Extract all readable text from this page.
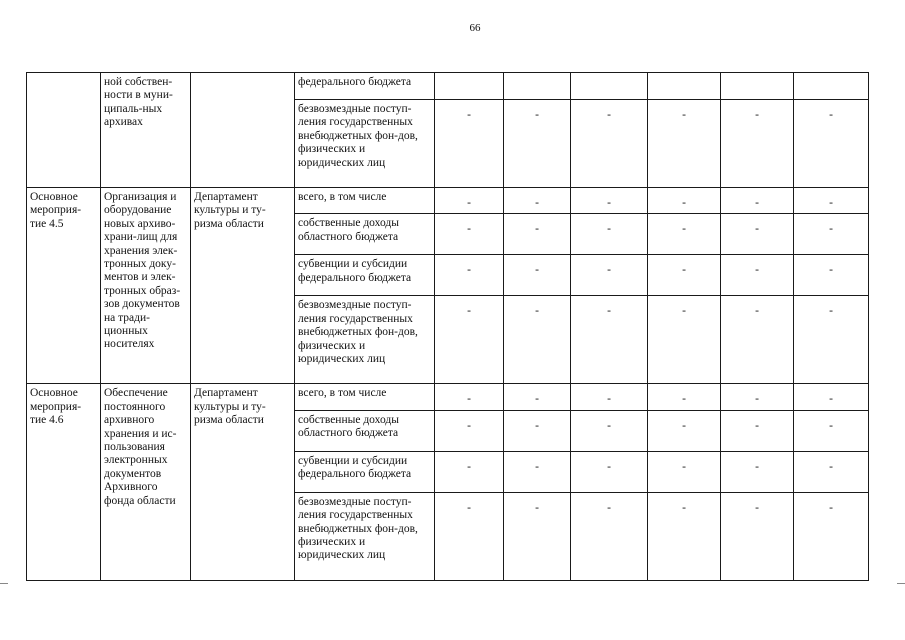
66
	ной собствен-ности в муни-ципаль-ных архивах		федерального бюджета						
			безвозмездные поступ-ления государственных внебюджетных фон-дов, физических и юридических лиц	-	-	-	-	-	-
Основное мероприя-тие 4.5	Организация и оборудование новых архиво-храни-лищ для хранения элек-тронных доку-ментов и элек-тронных образ-зов документов на тради-ционных носителях	Департамент культуры и ту-ризма области	всего, в том числе	-	-	-	-	-	-
			собственные доходы областного бюджета	-	-	-	-	-	-
			субвенции и субсидии федерального бюджета	-	-	-	-	-	-
			безвозмездные поступ-ления государственных внебюджетных фон-дов, физических и юридических лиц	-	-	-	-	-	-
Основное мероприя-тие 4.6	Обеспечение постоянного архивного хранения и ис-пользования электронных документов Архивного фонда области	Департамент культуры и ту-ризма области	всего, в том числе	-	-	-	-	-	-
			собственные доходы областного бюджета	-	-	-	-	-	-
			субвенции и субсидии федерального бюджета	-	-	-	-	-	-
			безвозмездные поступ-ления государственных внебюджетных фон-дов, физических и юридических лиц	-	-	-	-	-	-
